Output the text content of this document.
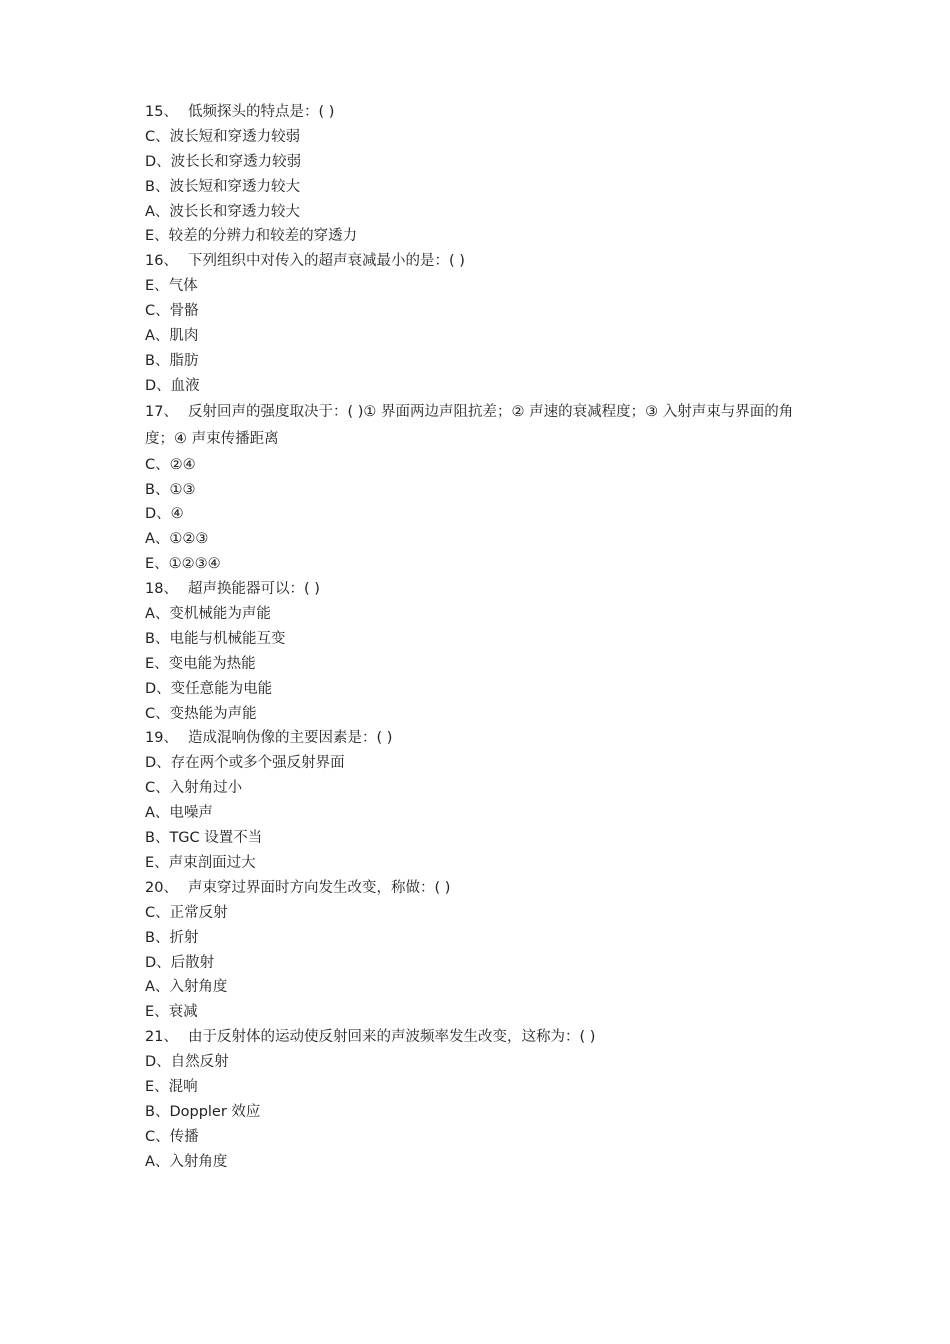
15、 低频探头的特点是：( )
C、波长短和穿透力较弱
D、波长长和穿透力较弱
B、波长短和穿透力较大
A、波长长和穿透力较大
E、较差的分辨力和较差的穿透力
16、 下列组织中对传入的超声衰减最小的是：( )
E、气体
C、骨骼
A、肌肉
B、脂肪
D、血液
17、 反射回声的强度取决于：( )① 界面两边声阻抗差；② 声速的衰减程度；③ 入射声束与界面的角度；④ 声束传播距离
C、②④
B、①③
D、④
A、①②③
E、①②③④
18、 超声换能器可以：( )
A、变机械能为声能
B、电能与机械能互变
E、变电能为热能
D、变任意能为电能
C、变热能为声能
19、 造成混响伪像的主要因素是：( )
D、存在两个或多个强反射界面
C、入射角过小
A、电噪声
B、TGC 设置不当
E、声束剖面过大
20、 声束穿过界面时方向发生改变，称做：( )
C、正常反射
B、折射
D、后散射
A、入射角度
E、衰减
21、 由于反射体的运动使反射回来的声波频率发生改变，这称为：( )
D、自然反射
E、混响
B、Doppler 效应
C、传播
A、入射角度
